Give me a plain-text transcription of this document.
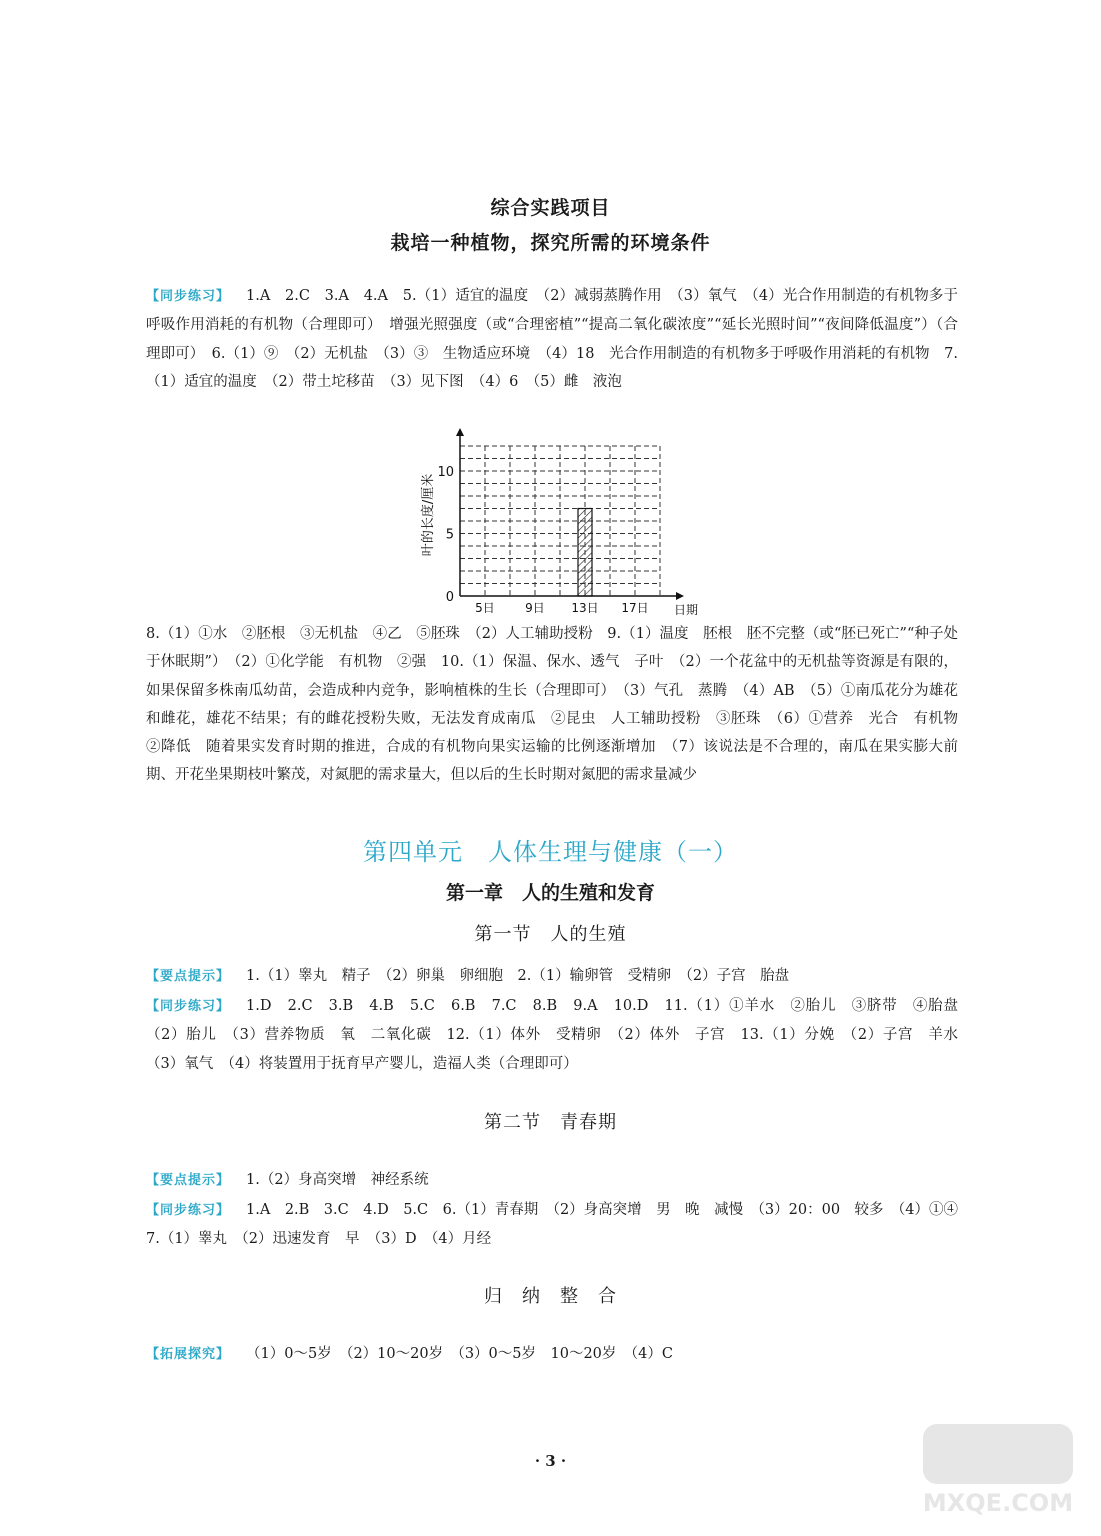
综合实践项目
栽培一种植物，探究所需的环境条件
【同步练习】 1.A　2.C　3.A　4.A　5.（1）适宜的温度　（2）减弱蒸腾作用　（3）氧气　（4）光合作用制造的有机物多于呼吸作用消耗的有机物（合理即可）　增强光照强度（或“合理密植”“提高二氧化碳浓度”“延长光照时间”“夜间降低温度”）（合理即可）　6.（1）⑨　（2）无机盐　（3）③　生物适应环境　（4）18　光合作用制造的有机物多于呼吸作用消耗的有机物　7.（1）适宜的温度　（2）带土坨移苗　（3）见下图　（4）6　（5）雌　液泡
0
5
10
叶的长度/厘米
5日	9日 13日 17日 日期
8.（1）①水　②胚根　③无机盐　④乙　⑤胚珠　（2）人工辅助授粉　9.（1）温度　胚根　胚不完整（或“胚已死亡”“种子处于休眠期”）　（2）①化学能　有机物　②强　10.（1）保温、保水、透气　子叶　（2）一个花盆中的无机盐等资源是有限的，如果保留多株南瓜幼苗，会造成种内竞争，影响植株的生长（合理即可）　（3）气孔　蒸腾　（4）AB　（5）①南瓜花分为雄花和雌花，雄花不结果；有的雌花授粉失败，无法发育成南瓜　②昆虫　人工辅助授粉　③胚珠　（6）①营养　光合　有机物　②降低　随着果实发育时期的推进，合成的有机物向果实运输的比例逐渐增加　（7）该说法是不合理的，南瓜在果实膨大前期、开花坐果期枝叶繁茂，对氮肥的需求量大，但以后的生长时期对氮肥的需求量减少
第四单元　人体生理与健康（一）
第一章　人的生殖和发育
第一节　人的生殖
【要点提示】 1.（1）睾丸　精子　（2）卵巢　卵细胞　2.（1）输卵管　受精卵　（2）子宫　胎盘
【同步练习】 1.D　2.C　3.B　4.B　5.C　6.B　7.C　8.B　9.A　10.D　11.（1）①羊水　②胎儿　③脐带　④胎盘　（2）胎儿　（3）营养物质　氧　二氧化碳　12.（1）体外　受精卵　（2）体外　子宫　13.（1）分娩　（2）子宫　羊水　（3）氧气　（4）将装置用于抚育早产婴儿，造福人类（合理即可）
第二节　青春期
【要点提示】 1.（2）身高突增　神经系统
【同步练习】 1.A　2.B　3.C　4.D　5.C　6.（1）青春期　（2）身高突增　男　晚　减慢　（3）20：00　较多　（4）①④　7.（1）睾丸　（2）迅速发育　早　（3）D　（4）月经
归　纳　整　合
【拓展探究】 （1）0～5岁　（2）10～20岁　（3）0～5岁　10～20岁　（4）C
· 3 ·
MXQE.COM
